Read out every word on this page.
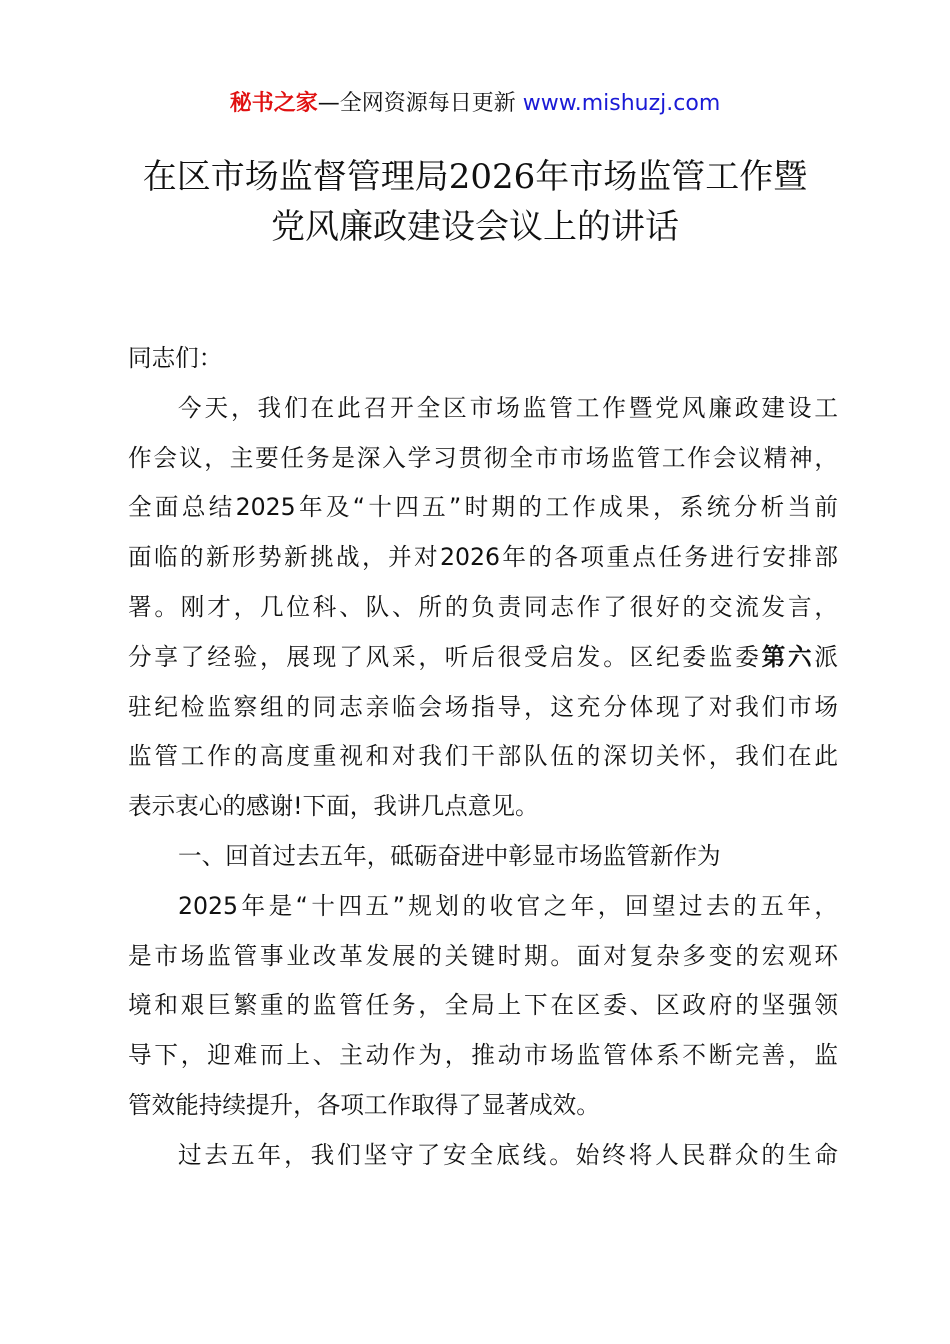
秘书之家—全网资源每日更新 www.mishuzj.com
在区市场监督管理局2026年市场监管工作暨
党风廉政建设会议上的讲话
同志们：
今天，我们在此召开全区市场监管工作暨党风廉政建设工
作会议，主要任务是深入学习贯彻全市市场监管工作会议精神，
全面总结2025年及“十四五”时期的工作成果，系统分析当前
面临的新形势新挑战，并对2026年的各项重点任务进行安排部
署。刚才，几位科、队、所的负责同志作了很好的交流发言，
分享了经验，展现了风采，听后很受启发。区纪委监委第六派
驻纪检监察组的同志亲临会场指导，这充分体现了对我们市场
监管工作的高度重视和对我们干部队伍的深切关怀，我们在此
表示衷心的感谢!下面，我讲几点意见。
一、回首过去五年，砥砺奋进中彰显市场监管新作为
2025年是“十四五”规划的收官之年，回望过去的五年，
是市场监管事业改革发展的关键时期。面对复杂多变的宏观环
境和艰巨繁重的监管任务，全局上下在区委、区政府的坚强领
导下，迎难而上、主动作为，推动市场监管体系不断完善，监
管效能持续提升，各项工作取得了显著成效。
过去五年，我们坚守了安全底线。始终将人民群众的生命
